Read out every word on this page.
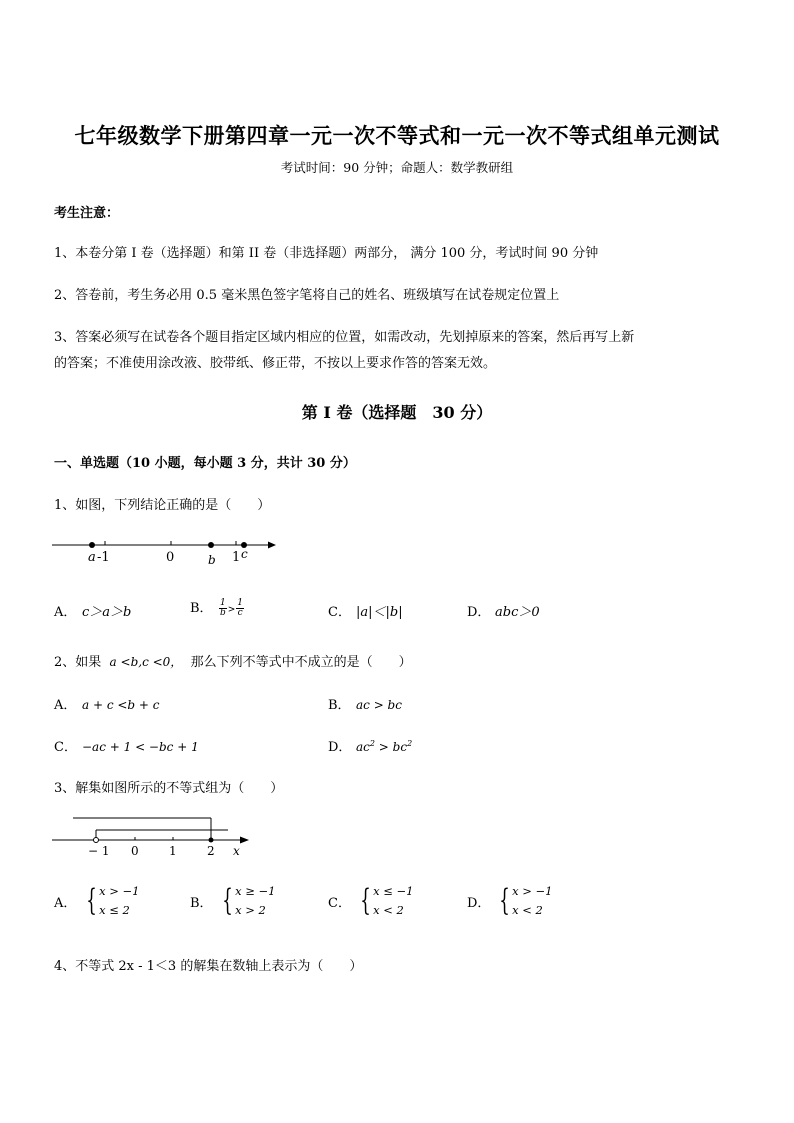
七年级数学下册第四章一元一次不等式和一元一次不等式组单元测试
考试时间：90 分钟；命题人：数学教研组
考生注意：
1、本卷分第 I 卷（选择题）和第 II 卷（非选择题）两部分， 满分 100 分，考试时间 90 分钟
2、答卷前，考生务必用 0.5 毫米黑色签字笔将自己的姓名、班级填写在试卷规定位置上
3、答案必须写在试卷各个题目指定区域内相应的位置，如需改动，先划掉原来的答案，然后再写上新
的答案；不准使用涂改液、胶带纸、修正带，不按以上要求作答的答案无效。
第 I 卷（选择题　30 分）
一、单选题（10 小题，每小题 3 分，共计 30 分）
1、如图，下列结论正确的是（　　）
a -1	0	b 1 c
A． c＞a＞b	B． $\frac{1}{b} > \frac{1}{c}$	C． |a|＜|b|	D． abc＞0
2、如果 a <b,c <0， 那么下列不等式中不成立的是（　　）
A． a + c <b + c	B． ac > bc
C． −ac + 1 < −bc + 1	D． $ac^2 > bc^2$
3、解集如图所示的不等式组为（　　）
− 1 0	1	2 x
A． { x > −1
x ≤ 2	B． { x ≥ −1
x > 2	C． { x ≤ −1
x < 2	D． { x > −1
x < 2
4、不等式 2x - 1＜3 的解集在数轴上表示为（　　）
